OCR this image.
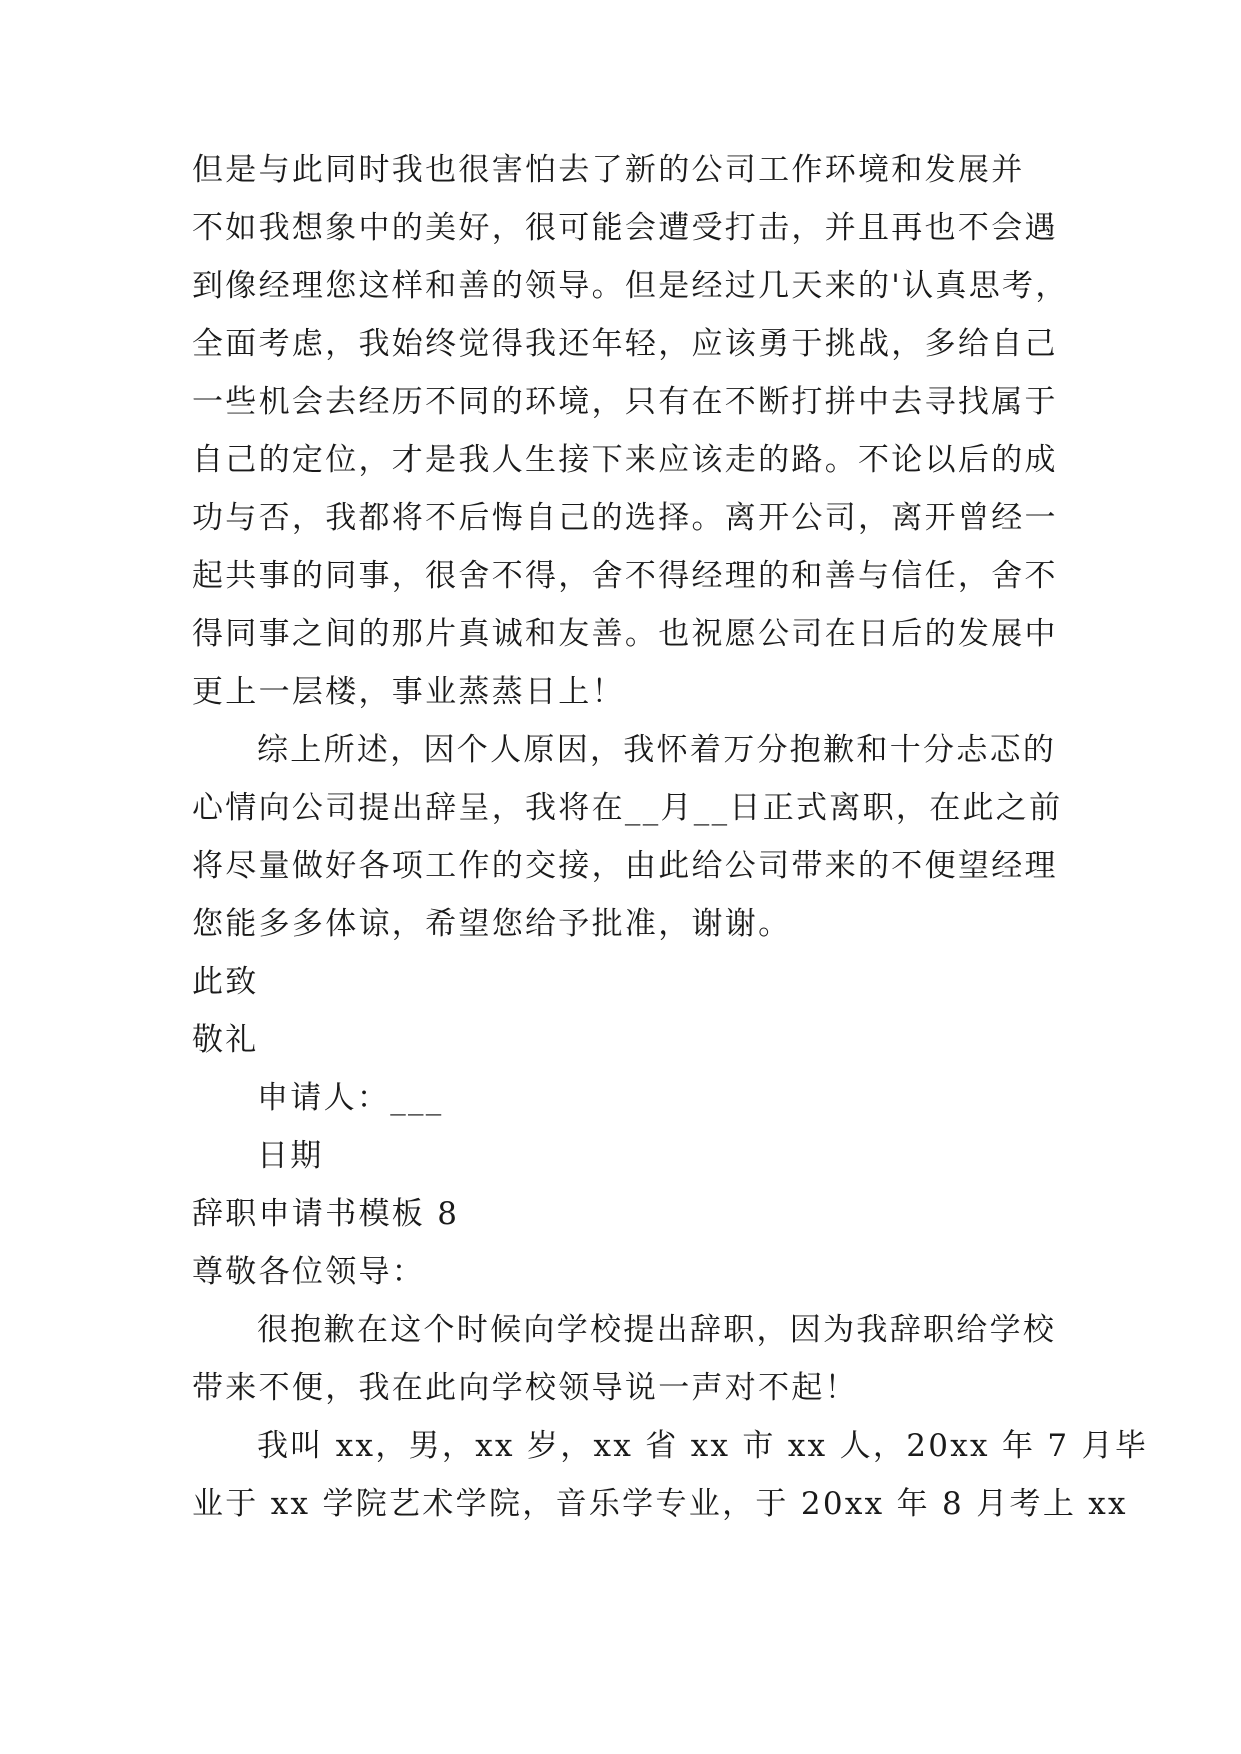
但是与此同时我也很害怕去了新的公司工作环境和发展并
不如我想象中的美好，很可能会遭受打击，并且再也不会遇
到像经理您这样和善的领导。但是经过几天来的'认真思考，
全面考虑，我始终觉得我还年轻，应该勇于挑战，多给自己
一些机会去经历不同的环境，只有在不断打拼中去寻找属于
自己的定位，才是我人生接下来应该走的路。不论以后的成
功与否，我都将不后悔自己的选择。离开公司，离开曾经一
起共事的同事，很舍不得，舍不得经理的和善与信任，舍不
得同事之间的那片真诚和友善。也祝愿公司在日后的发展中
更上一层楼，事业蒸蒸日上！
综上所述，因个人原因，我怀着万分抱歉和十分忐忑的
心情向公司提出辞呈，我将在__月__日正式离职，在此之前
将尽量做好各项工作的交接，由此给公司带来的不便望经理
您能多多体谅，希望您给予批准，谢谢。
此致
敬礼
申请人：___
日期
辞职申请书模板 8
尊敬各位领导：
很抱歉在这个时候向学校提出辞职，因为我辞职给学校
带来不便，我在此向学校领导说一声对不起！
我叫 xx，男，xx 岁，xx 省 xx 市 xx 人，20xx 年 7 月毕
业于 xx 学院艺术学院，音乐学专业，于 20xx 年 8 月考上 xx
